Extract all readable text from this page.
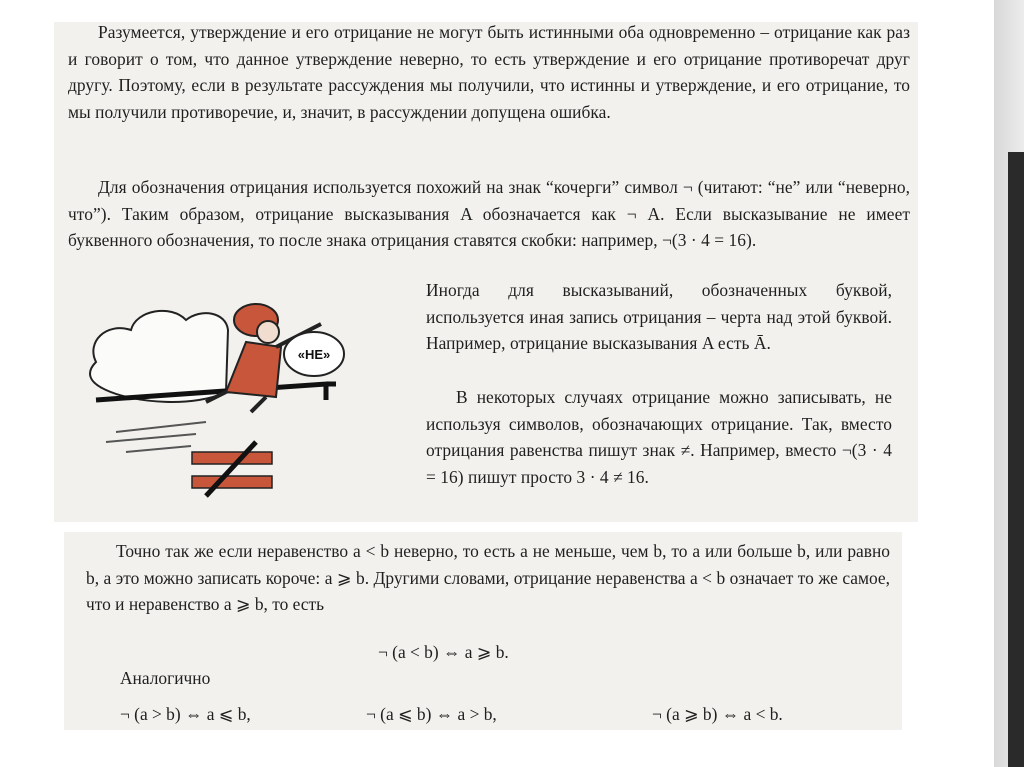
Разумеется, утверждение и его отрицание не могут быть истинными оба одновременно – отрицание как раз и говорит о том, что данное утверждение неверно, то есть утверждение и его отрицание противоречат друг другу. Поэтому, если в результате рассуждения мы получили, что истинны и утверждение, и его отрицание, то мы получили противоречие, и, значит, в рассуждении допущена ошибка.

Для обозначения отрицания используется похожий на знак “кочерги” символ ¬ (читают: “не” или “неверно, что”). Таким образом, отрицание высказывания A обозначается как ¬ A. Если высказывание не имеет буквенного обозначения, то после знака отрицания ставятся скобки: например, ¬(3 · 4 = 16).

«НЕ»

Иногда для высказываний, обозначенных буквой, используется иная запись отрицания – черта над этой буквой. Например, отрицание высказывания A есть Ā.

В некоторых случаях отрицание можно записывать, не используя символов, обозначающих отрицание. Так, вместо отрицания равенства пишут знак ≠. Например, вместо ¬(3 · 4 = 16) пишут просто 3 · 4 ≠ 16.

Точно так же если неравенство a < b неверно, то есть a не меньше, чем b, то a или больше b, или равно b, а это можно записать короче: a ⩾ b. Другими словами, отрицание неравенства a < b означает то же самое, что и неравенство a ⩾ b, то есть

¬ (a < b) ⇔ a ⩾ b.
Аналогично
¬ (a > b) ⇔ a ⩽ b,	¬ (a ⩽ b) ⇔ a > b,	¬ (a ⩾ b) ⇔ a < b.
